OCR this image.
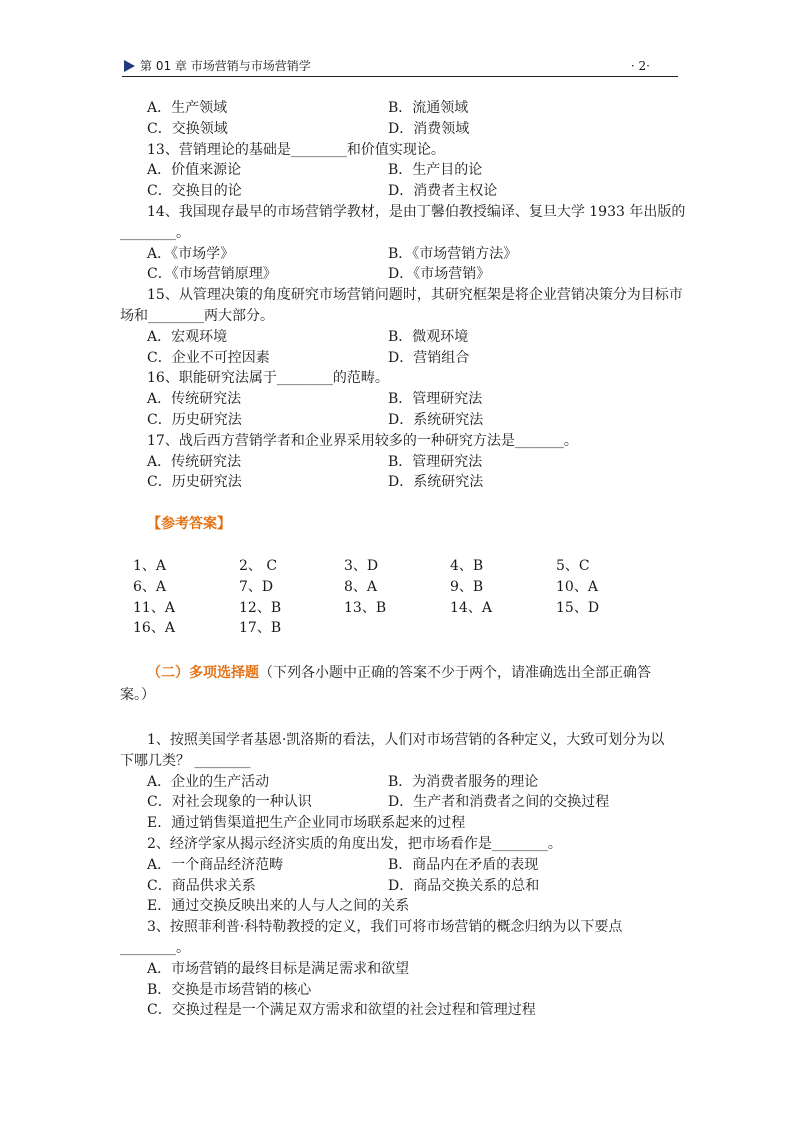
第 01 章 市场营销与市场营销学	· 2·
A．生产领域	B．流通领域
C．交换领域	D．消费领域
13、营销理论的基础是________和价值实现论。
A．价值来源论	B．生产目的论
C．交换目的论	D．消费者主权论
14、我国现存最早的市场营销学教材，是由丁馨伯教授编译、复旦大学 1933 年出版的
________。
A．《市场学》	B．《市场营销方法》
C．《市场营销原理》	D．《市场营销》
15、从管理决策的角度研究市场营销问题时，其研究框架是将企业营销决策分为目标市
场和________两大部分。
A．宏观环境	B．微观环境
C．企业不可控因素	D．营销组合
16、职能研究法属于________的范畴。
A．传统研究法	B．管理研究法
C．历史研究法	D．系统研究法
17、战后西方营销学者和企业界采用较多的一种研究方法是_______。
A．传统研究法	B．管理研究法
C．历史研究法	D．系统研究法
【参考答案】
1、A	2、 C	3、D	4、B	5、C
6、A	7、D	8、A	9、B	10、A
11、A	12、B	13、B	14、A	15、D
16、A	17、B
（二）多项选择题（下列各小题中正确的答案不少于两个，请准确选出全部正确答
案。）
1、按照美国学者基恩·凯洛斯的看法，人们对市场营销的各种定义，大致可划分为以
下哪几类？ ________
A．企业的生产活动	B．为消费者服务的理论
C．对社会现象的一种认识	D．生产者和消费者之间的交换过程
E．通过销售渠道把生产企业同市场联系起来的过程
2、经济学家从揭示经济实质的角度出发，把市场看作是________。
A．一个商品经济范畴	B．商品内在矛盾的表现
C．商品供求关系	D．商品交换关系的总和
E．通过交换反映出来的人与人之间的关系
3、按照菲利普·科特勒教授的定义，我们可将市场营销的概念归纳为以下要点
________。
A．市场营销的最终目标是满足需求和欲望
B．交换是市场营销的核心
C．交换过程是一个满足双方需求和欲望的社会过程和管理过程
